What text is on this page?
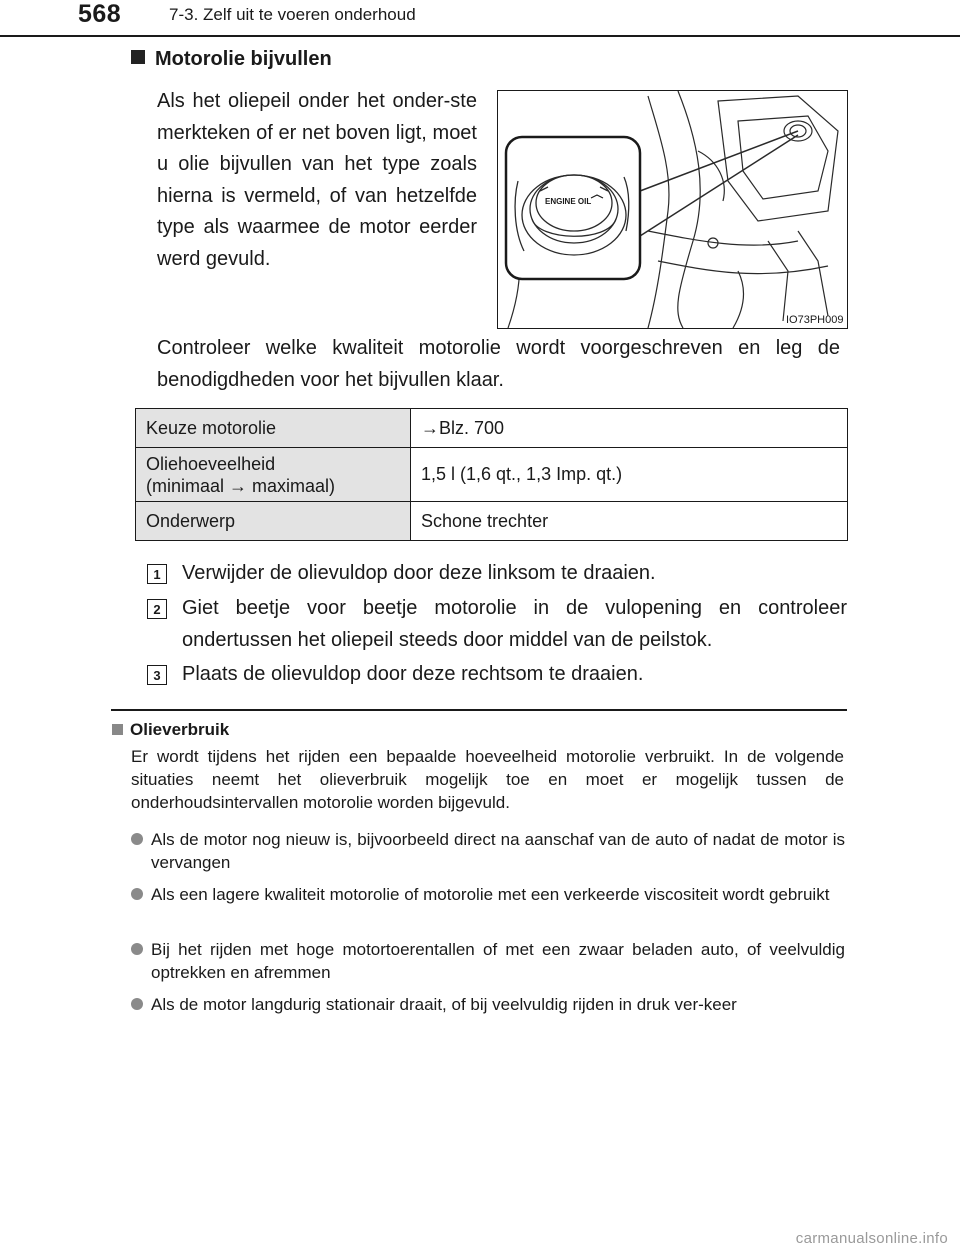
568	7-3. Zelf uit te voeren onderhoud
Motorolie bijvullen
Als het oliepeil onder het onder-ste merkteken of er net boven ligt, moet u olie bijvullen van het type zoals hierna is vermeld, of van hetzelfde type als waarmee de motor eerder werd gevuld.
ENGINE OIL
IO73PH009
Controleer welke kwaliteit motorolie wordt voorgeschreven en leg de benodigdheden voor het bijvullen klaar.
Keuze motorolie	→Blz. 700

Oliehoeveelheid
(minimaal → maximaal)	1,5 l (1,6 qt., 1,3 Imp. qt.)
Onderwerp	Schone trechter
1	Verwijder de olievuldop door deze linksom te draaien.
2	Giet beetje voor beetje motorolie in de vulopening en controleer ondertussen het oliepeil steeds door middel van de peilstok.
3	Plaats de olievuldop door deze rechtsom te draaien.
Olieverbruik
Er wordt tijdens het rijden een bepaalde hoeveelheid motorolie verbruikt. In de volgende situaties neemt het olieverbruik mogelijk toe en moet er mogelijk tussen de onderhoudsintervallen motorolie worden bijgevuld.
Als de motor nog nieuw is, bijvoorbeeld direct na aanschaf van de auto of nadat de motor is vervangen
Als een lagere kwaliteit motorolie of motorolie met een verkeerde viscositeit wordt gebruikt
Bij het rijden met hoge motortoerentallen of met een zwaar beladen auto, of veelvuldig optrekken en afremmen
Als de motor langdurig stationair draait, of bij veelvuldig rijden in druk ver-keer
carmanualsonline.info
